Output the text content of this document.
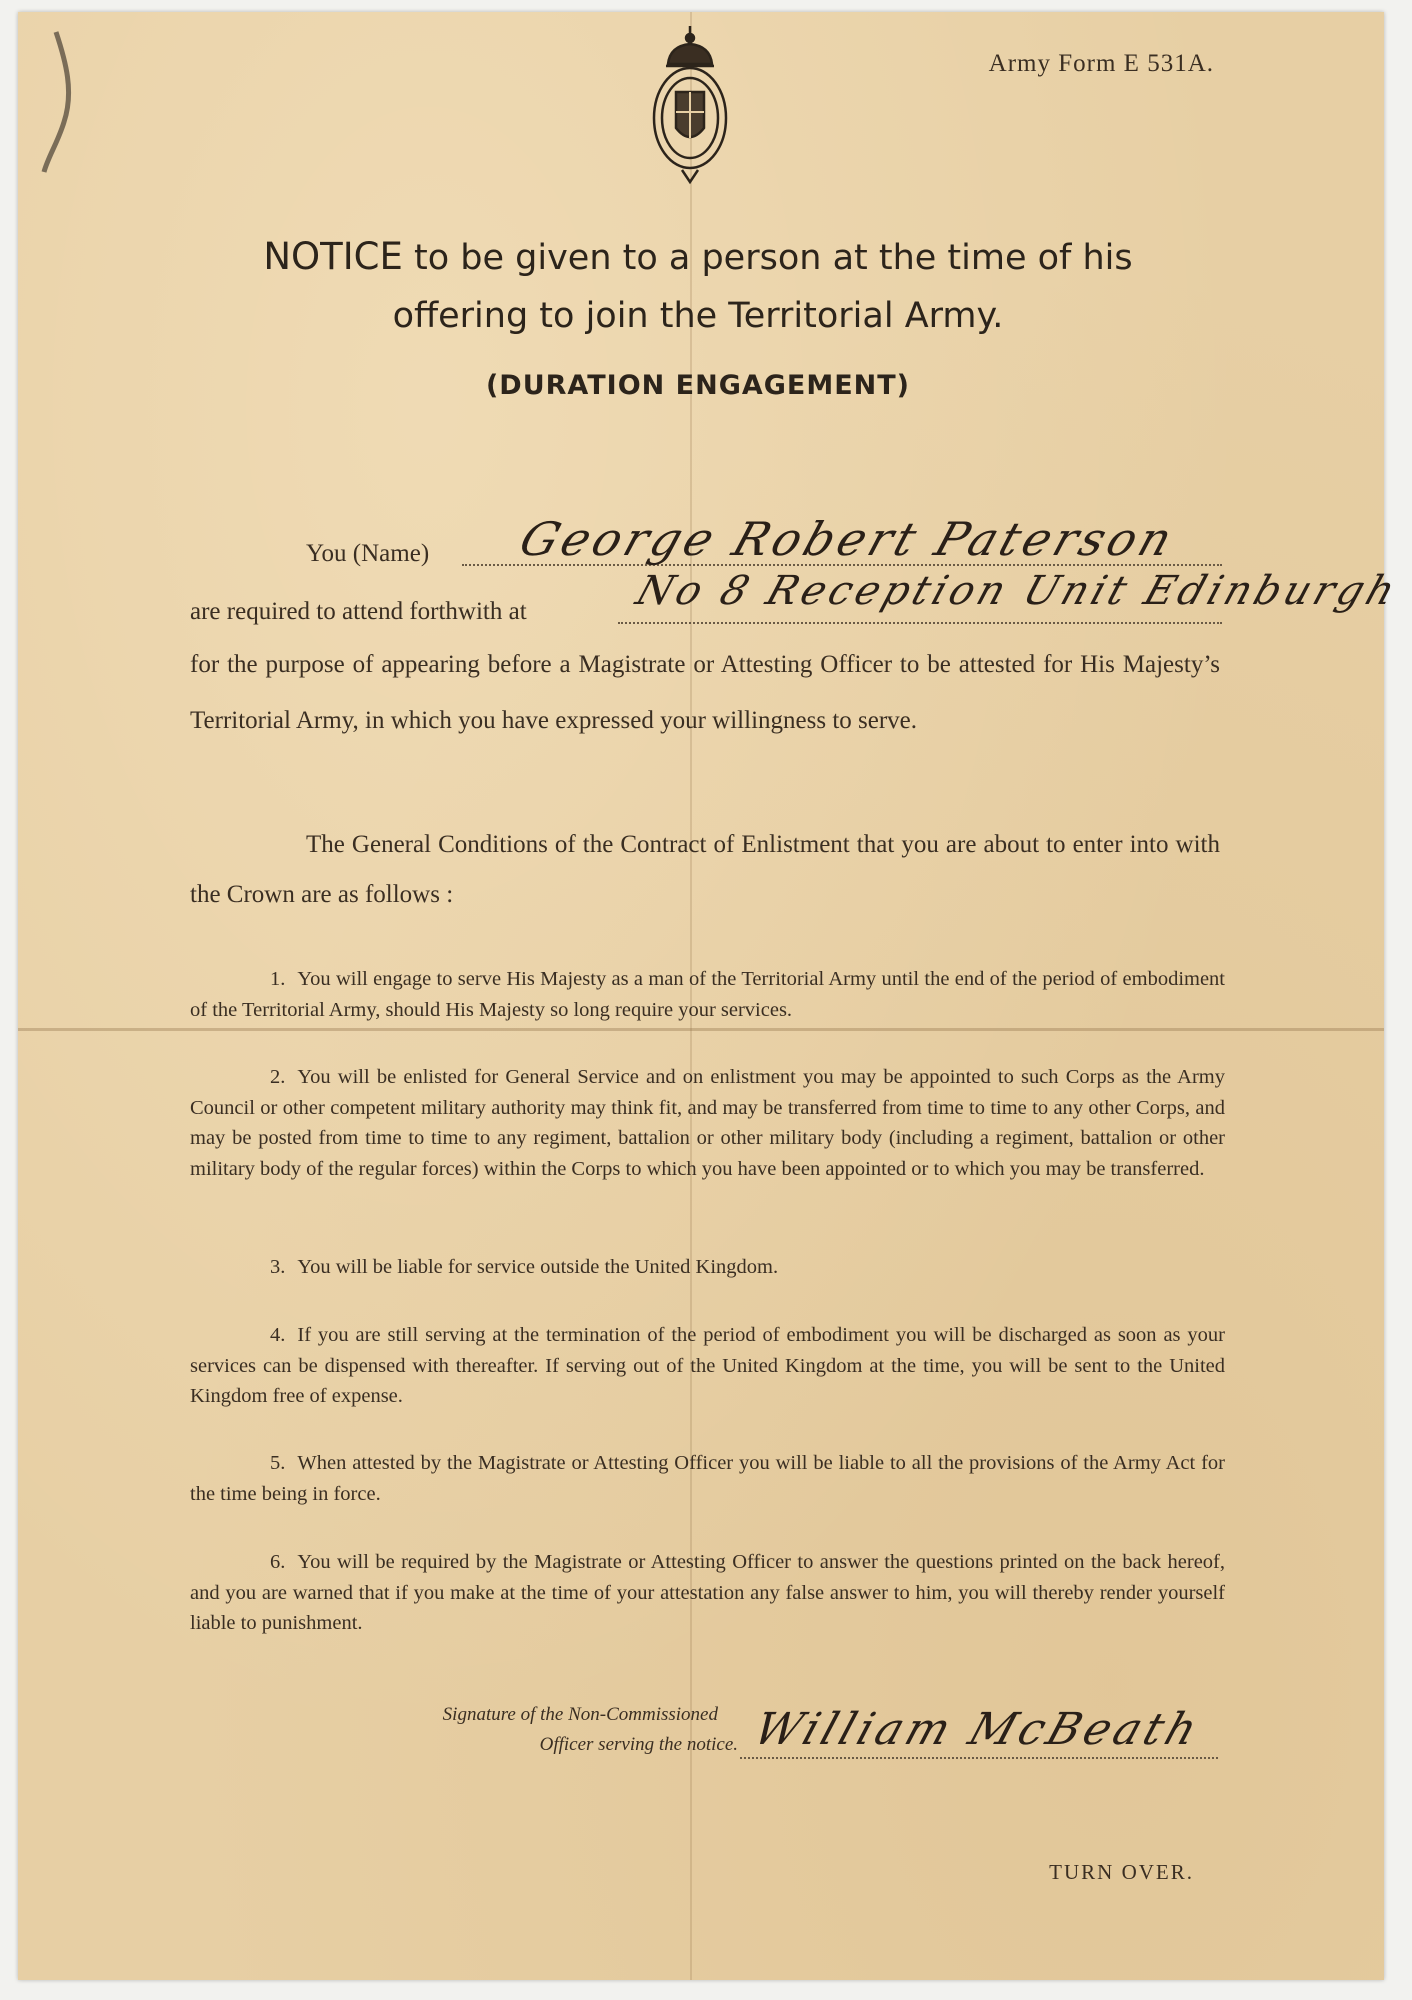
Army Form E 531A.
NOTICE to be given to a person at the time of his
offering to join the Territorial Army.
(DURATION ENGAGEMENT)
You (Name) George Robert Paterson
are required to attend forthwith at	No 8 Reception Unit Edinburgh
for the purpose of appearing before a Magistrate or Attesting Officer to be attested for His Majesty’s Territorial Army, in which you have expressed your willingness to serve.
The General Conditions of the Contract of Enlistment that you are about to enter into with the Crown are as follows :
1. You will engage to serve His Majesty as a man of the Territorial Army until the end of the period of embodiment of the Territorial Army, should His Majesty so long require your services.
2. You will be enlisted for General Service and on enlistment you may be appointed to such Corps as the Army Council or other competent military authority may think fit, and may be transferred from time to time to any other Corps, and may be posted from time to time to any regiment, battalion or other military body (including a regiment, battalion or other military body of the regular forces) within the Corps to which you have been appointed or to which you may be transferred.
3. You will be liable for service outside the United Kingdom.
4. If you are still serving at the termination of the period of embodiment you will be discharged as soon as your services can be dispensed with thereafter. If serving out of the United Kingdom at the time, you will be sent to the United Kingdom free of expense.
5. When attested by the Magistrate or Attesting Officer you will be liable to all the provisions of the Army Act for the time being in force.
6. You will be required by the Magistrate or Attesting Officer to answer the questions printed on the back hereof, and you are warned that if you make at the time of your attestation any false answer to him, you will thereby render yourself liable to punishment.
Signature of the Non-Commissioned
Officer serving the notice. William McBeath
TURN OVER.
